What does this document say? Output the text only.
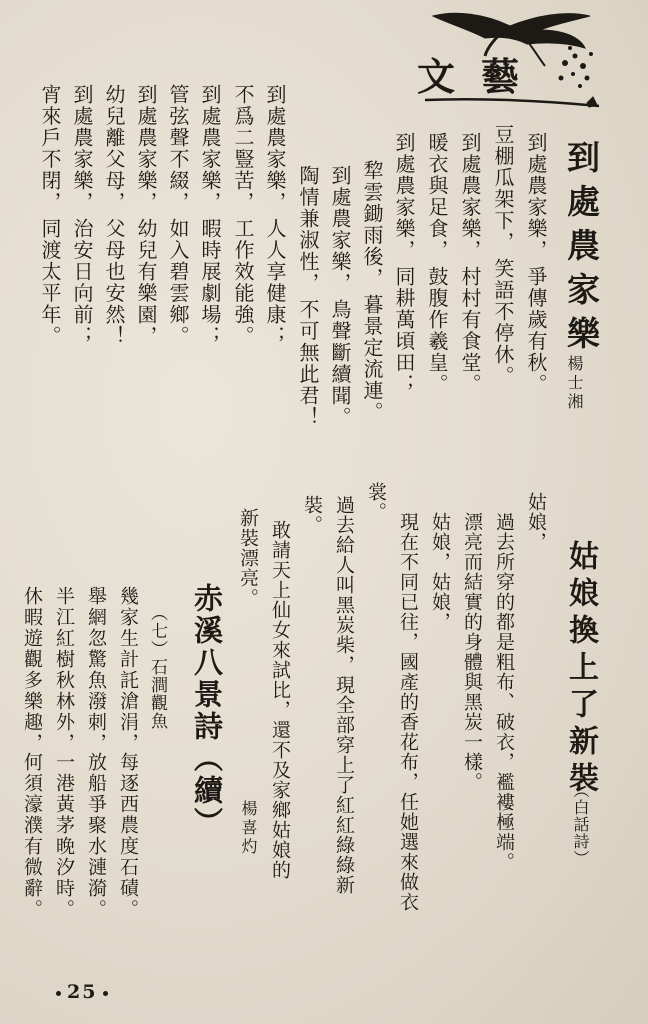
文藝
到處農家樂
楊士湘
到處農家樂，
爭傳歲有秋。
豆棚瓜架下，
笑語不停休。
到處農家樂，
村村有食堂。
暖衣與足食，
鼓腹作羲皇。
到處農家樂，
同耕萬頃田；
犂雲鋤雨後，
暮景定流連。
到處農家樂，
鳥聲斷續聞。
陶情兼淑性，
不可無此君！
到處農家樂，
人人享健康；
不爲二豎苦，
工作效能強。
到處農家樂，
暇時展劇場；
管弦聲不綴，
如入碧雲鄉。
到處農家樂，
幼兒有樂園，
幼兒離父母，
父母也安然！
到處農家樂，
治安日向前；
宵來戶不閉，
同渡太平年。
姑娘換上了新裝
（白話詩）
楊喜灼
姑娘，
過去所穿的都是粗布、破衣，襤褸極端。
漂亮而結實的身體與黑炭一樣。
姑娘，姑娘，
現在不同已往，國產的香花布，任她選來做衣
裳。
過去給人叫黑炭柴，現全部穿上了紅紅綠綠新
裝。
敢請天上仙女來試比，還不及家鄉姑娘的
新裝漂亮。
赤溪八景詩（續）
（七）石澗觀魚
每逐西農度石磧。
幾家生計託滄涓，
放船爭聚水漣漪。
舉網忽驚魚潑刺，
一港黃茅晚汐時。
半江紅樹秋林外，
何須濠濮有微辭。
休暇遊觀多樂趣，
25
